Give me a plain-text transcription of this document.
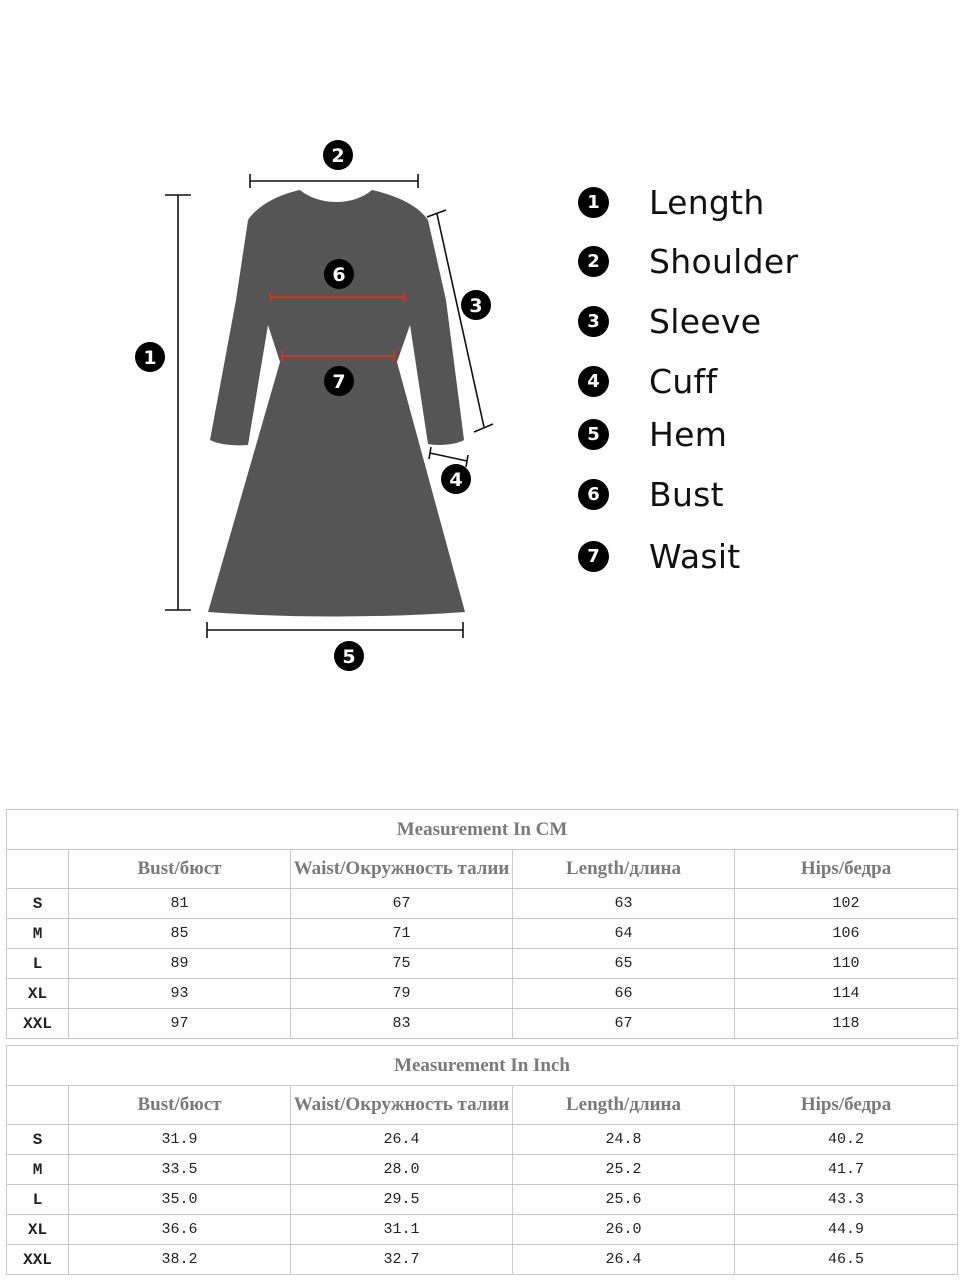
1
2
3
4
5
6
7
1 Length
2 Shoulder
3 Sleeve
4 Cuff
5 Hem
6 Bust
7 Wasit
Measurement In CM				
	Bust/бюст	Waist/Окружность талии	Length/длина	Hips/бедра
S	81	67	63	102
M	85	71	64	106
L	89	75	65	110
XL	93	79	66	114
XXL	97	83	67	118
Measurement In Inch				
	Bust/бюст	Waist/Окружность талии	Length/длина	Hips/бедра
S	31.9	26.4	24.8	40.2
M	33.5	28.0	25.2	41.7
L	35.0	29.5	25.6	43.3
XL	36.6	31.1	26.0	44.9
XXL	38.2	32.7	26.4	46.5
